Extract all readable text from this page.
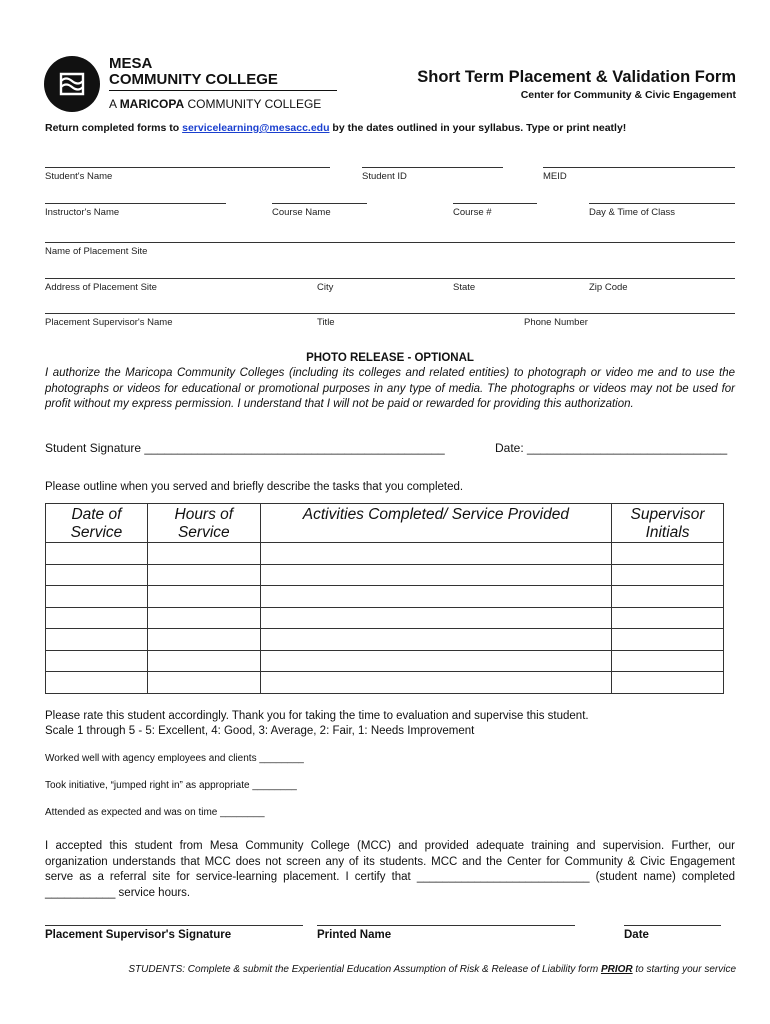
MESA
COMMUNITY COLLEGE
A MARICOPA COMMUNITY COLLEGE
Short Term Placement & Validation Form
Center for Community & Civic Engagement
Return completed forms to servicelearning@mesacc.edu by the dates outlined in your syllabus. Type or print neatly!
Student's Name	Student ID	MEID
Instructor's Name	Course Name	Course #	Day & Time of Class
Name of Placement Site
Address of Placement Site	City	State	Zip Code
Placement Supervisor's Name	Title	Phone Number
PHOTO RELEASE - OPTIONAL
I authorize the Maricopa Community Colleges (including its colleges and related entities) to photograph or video me and to use the photographs or videos for educational or promotional purposes in any type of media. The photographs or videos may not be used for profit without my express permission. I understand that I will not be paid or rewarded for providing this authorization.
Student Signature _____________________________________________	Date: ______________________________
Please outline when you served and briefly describe the tasks that you completed.
Date of Service	Hours of Service	Activities Completed/ Service Provided	Supervisor Initials

Please rate this student accordingly. Thank you for taking the time to evaluation and supervise this student.
Scale 1 through 5 - 5: Excellent, 4: Good, 3: Average, 2: Fair, 1: Needs Improvement
Worked well with agency employees and clients ________
Took initiative, “jumped right in” as appropriate ________
Attended as expected and was on time ________
I accepted this student from Mesa Community College (MCC) and provided adequate training and supervision. Further, our organization understands that MCC does not screen any of its students. MCC and the Center for Community & Civic Engagement serve as a referral site for service-learning placement. I certify that ___________________________ (student name) completed ___________ service hours.
Placement Supervisor's Signature	Printed Name	Date
STUDENTS: Complete & submit the Experiential Education Assumption of Risk & Release of Liability form PRIOR to starting your service
